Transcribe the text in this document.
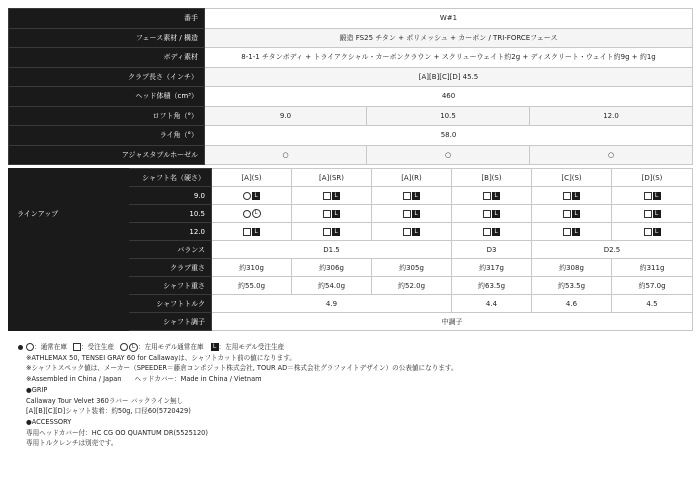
番手	W#1		
フェース素材 / 構造	鍛造 FS25 チタン + ポリメッシュ + カーボン / TRI-FORCEフェース		
ボディ素材	8-1-1 チタンボディ + トライアクシャル・カーボンクラウン + スクリューウェイト約2g + ディスクリート・ウェイト約9g + 約1g		
クラブ長さ（インチ）	[A][B][C][D] 45.5		
ヘッド体積（cm³）	460		
ロフト角（°）	9.0	10.5	12.0
ライ角（°）	58.0		
アジャスタブルホーゼル	○	○	○
	シャフト名（硬さ）	[A](S)	[A](SR)	[A](R)	[B](S)	[C](S)	[D](S)
ラインアップ	9.0	L	L	L	L	L	L
	10.5	L	L	L	L	L	L
	12.0	L	L	L	L	L	L
	バランス	D1.5			D3	D2.5	
	クラブ重さ	約310g	約306g	約305g	約317g	約308g	約311g
	シャフト重さ	約55.0g	約54.0g	約52.0g	約63.5g	約53.5g	約57.0g
	シャフトトルク	4.9			4.4	4.6	4.5
	シャフト調子	中調子					
：通常在庫 ：受注生産	L ：左用モデル通常在庫 L ：左用モデル受注生産
※ATHLEMAX 50, TENSEI GRAY 60 for Callawayは、シャフトカット前の値になります。
※シャフトスペック値は、メーカー（SPEEDER＝藤倉コンポジット株式会社, TOUR AD＝株式会社グラファイトデザイン）の公表値になります。
※Assembled in China / Japan　　ヘッドカバー：Made in China / Vietnam
●GRIP
Callaway Tour Velvet 360ラバー バックライン無し
[A][B][C][D]シャフト装着：約50g, 口径60(5720429)
●ACCESSORY
専用ヘッドカバー付：HC CG OO QUANTUM DR(5525120)
専用トルクレンチは別売です。
